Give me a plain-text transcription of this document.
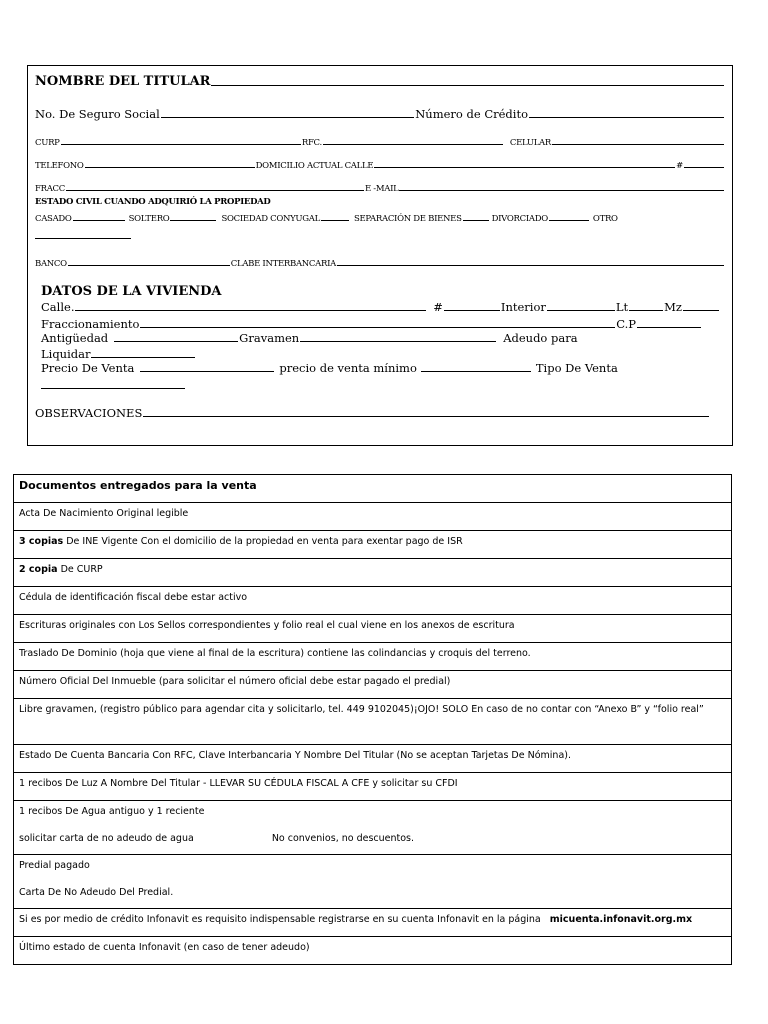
NOMBRE DEL TITULAR
No. De Seguro Social	Número de Crédito
CURP	RFC.	CELULAR
TELEFONO	DOMICILIO ACTUAL CALLE	#
FRACC	E -MAIL
ESTADO CIVIL CUANDO ADQUIRIÓ LA PROPIEDAD
CASADO	SOLTERO	SOCIEDAD CONYUGAL	SEPARACIÓN DE BIENES	DIVORCIADO	OTRO
BANCO	CLABE INTERBANCARIA
DATOS DE LA VIVIENDA
Calle.	#	Interior	Lt	Mz
Fraccionamiento	C.P
Antigüedad	Gravamen	Adeudo para
Liquidar
Precio De Venta	precio de venta mínimo	Tipo De Venta
OBSERVACIONES
Documentos entregados para la venta
Acta De Nacimiento Original legible
3 copias De INE Vigente Con el domicilio de la propiedad en venta para exentar pago de ISR
2 copia De CURP
Cédula de identificación fiscal debe estar activo
Escrituras originales con Los Sellos correspondientes y folio real el cual viene en los anexos de escritura
Traslado De Dominio (hoja que viene al final de la escritura) contiene las colindancias y croquis del terreno.
Número Oficial Del Inmueble (para solicitar el número oficial debe estar pagado el predial)
Libre gravamen, (registro público para agendar cita y solicitarlo, tel. 449 9102045)¡OJO! SOLO En caso de no contar con “Anexo B” y “folio real”
Estado De Cuenta Bancaria Con RFC, Clave Interbancaria Y Nombre Del Titular (No se aceptan Tarjetas De Nómina).
1 recibos De Luz A Nombre Del Titular - LLEVAR SU CÉDULA FISCAL A CFE y solicitar su CFDI

1 recibos De Agua antiguo y 1 reciente
solicitar carta de no adeudo de agua	No convenios, no descuentos.

Predial pagado
Carta De No Adeudo Del Predial.

Si es por medio de crédito Infonavit es requisito indispensable registrarse en su cuenta Infonavit en la página micuenta.infonavit.org.mx
Último estado de cuenta Infonavit (en caso de tener adeudo)
